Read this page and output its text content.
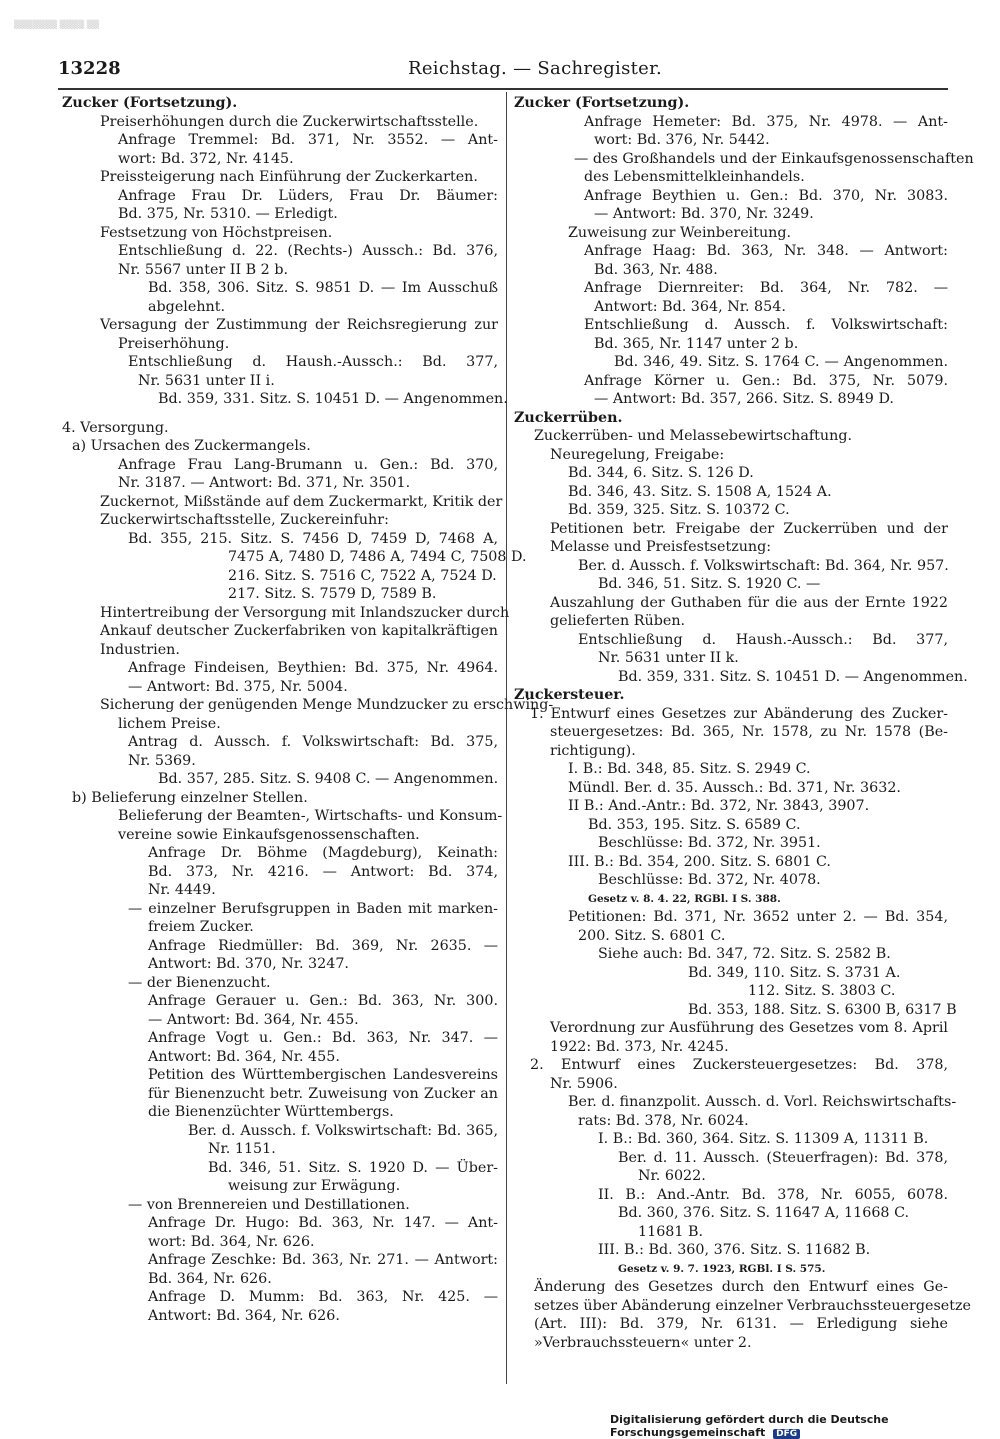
▒▒▒▒▒▒▒ ▒▒▒▒ ▒▒
13228	Reichstag. — Sachregister.
Zucker (Fortsetzung).
Preiserhöhungen durch die Zuckerwirtschaftsstelle.
Anfrage Tremmel: Bd. 371, Nr. 3552. — Ant-
wort: Bd. 372, Nr. 4145.
Preissteigerung nach Einführung der Zuckerkarten.
Anfrage Frau Dr. Lüders, Frau Dr. Bäumer:
Bd. 375, Nr. 5310. — Erledigt.
Festsetzung von Höchstpreisen.
Entschließung d. 22. (Rechts-) Aussch.: Bd. 376,
Nr. 5567 unter II B 2 b.
Bd. 358, 306. Sitz. S. 9851 D. — Im Ausschuß
abgelehnt.
Versagung der Zustimmung der Reichsregierung zur
Preiserhöhung.
Entschließung d. Haush.-Aussch.: Bd. 377,
Nr. 5631 unter II i.
Bd. 359, 331. Sitz. S. 10451 D. — Angenommen.
4. Versorgung.
a) Ursachen des Zuckermangels.
Anfrage Frau Lang-Brumann u. Gen.: Bd. 370,
Nr. 3187. — Antwort: Bd. 371, Nr. 3501.
Zuckernot, Mißstände auf dem Zuckermarkt, Kritik der
Zuckerwirtschaftsstelle, Zuckereinfuhr:
Bd. 355, 215. Sitz. S. 7456 D, 7459 D, 7468 A,
7475 A, 7480 D, 7486 A, 7494 C, 7508 D.
216. Sitz. S. 7516 C, 7522 A, 7524 D.
217. Sitz. S. 7579 D, 7589 B.
Hintertreibung der Versorgung mit Inlandszucker durch
Ankauf deutscher Zuckerfabriken von kapitalkräftigen
Industrien.
Anfrage Findeisen, Beythien: Bd. 375, Nr. 4964.
— Antwort: Bd. 375, Nr. 5004.
Sicherung der genügenden Menge Mundzucker zu erschwing-
lichem Preise.
Antrag d. Aussch. f. Volkswirtschaft: Bd. 375,
Nr. 5369.
Bd. 357, 285. Sitz. S. 9408 C. — Angenommen.
b) Belieferung einzelner Stellen.
Belieferung der Beamten-, Wirtschafts- und Konsum-
vereine sowie Einkaufsgenossenschaften.
Anfrage Dr. Böhme (Magdeburg), Keinath:
Bd. 373, Nr. 4216. — Antwort: Bd. 374,
Nr. 4449.
— einzelner Berufsgruppen in Baden mit marken-
freiem Zucker.
Anfrage Riedmüller: Bd. 369, Nr. 2635. —
Antwort: Bd. 370, Nr. 3247.
— der Bienenzucht.
Anfrage Gerauer u. Gen.: Bd. 363, Nr. 300.
— Antwort: Bd. 364, Nr. 455.
Anfrage Vogt u. Gen.: Bd. 363, Nr. 347. —
Antwort: Bd. 364, Nr. 455.
Petition des Württembergischen Landesvereins
für Bienenzucht betr. Zuweisung von Zucker an
die Bienenzüchter Württembergs.
Ber. d. Aussch. f. Volkswirtschaft: Bd. 365,
Nr. 1151.
Bd. 346, 51. Sitz. S. 1920 D. — Über-
weisung zur Erwägung.
— von Brennereien und Destillationen.
Anfrage Dr. Hugo: Bd. 363, Nr. 147. — Ant-
wort: Bd. 364, Nr. 626.
Anfrage Zeschke: Bd. 363, Nr. 271. — Antwort:
Bd. 364, Nr. 626.
Anfrage D. Mumm: Bd. 363, Nr. 425. —
Antwort: Bd. 364, Nr. 626.
Zucker (Fortsetzung).
Anfrage Hemeter: Bd. 375, Nr. 4978. — Ant-
wort: Bd. 376, Nr. 5442.
— des Großhandels und der Einkaufsgenossenschaften
des Lebensmittelkleinhandels.
Anfrage Beythien u. Gen.: Bd. 370, Nr. 3083.
— Antwort: Bd. 370, Nr. 3249.
Zuweisung zur Weinbereitung.
Anfrage Haag: Bd. 363, Nr. 348. — Antwort:
Bd. 363, Nr. 488.
Anfrage Diernreiter: Bd. 364, Nr. 782. —
Antwort: Bd. 364, Nr. 854.
Entschließung d. Aussch. f. Volkswirtschaft:
Bd. 365, Nr. 1147 unter 2 b.
Bd. 346, 49. Sitz. S. 1764 C. — Angenommen.
Anfrage Körner u. Gen.: Bd. 375, Nr. 5079.
— Antwort: Bd. 357, 266. Sitz. S. 8949 D.
Zuckerrüben.
Zuckerrüben- und Melassebewirtschaftung.
Neuregelung, Freigabe:
Bd. 344, 6. Sitz. S. 126 D.
Bd. 346, 43. Sitz. S. 1508 A, 1524 A.
Bd. 359, 325. Sitz. S. 10372 C.
Petitionen betr. Freigabe der Zuckerrüben und der
Melasse und Preisfestsetzung:
Ber. d. Aussch. f. Volkswirtschaft: Bd. 364, Nr. 957.
Bd. 346, 51. Sitz. S. 1920 C. —
Auszahlung der Guthaben für die aus der Ernte 1922
gelieferten Rüben.
Entschließung d. Haush.-Aussch.: Bd. 377,
Nr. 5631 unter II k.
Bd. 359, 331. Sitz. S. 10451 D. — Angenommen.
Zuckersteuer.
1. Entwurf eines Gesetzes zur Abänderung des Zucker-
steuergesetzes: Bd. 365, Nr. 1578, zu Nr. 1578 (Be-
richtigung).
I. B.: Bd. 348, 85. Sitz. S. 2949 C.
Mündl. Ber. d. 35. Aussch.: Bd. 371, Nr. 3632.
II B.: And.-Antr.: Bd. 372, Nr. 3843, 3907.
Bd. 353, 195. Sitz. S. 6589 C.
Beschlüsse: Bd. 372, Nr. 3951.
III. B.: Bd. 354, 200. Sitz. S. 6801 C.
Beschlüsse: Bd. 372, Nr. 4078.
Gesetz v. 8. 4. 22, RGBl. I S. 388.
Petitionen: Bd. 371, Nr. 3652 unter 2. — Bd. 354,
200. Sitz. S. 6801 C.
Siehe auch: Bd. 347, 72. Sitz. S. 2582 B.
Bd. 349, 110. Sitz. S. 3731 A.
112. Sitz. S. 3803 C.
Bd. 353, 188. Sitz. S. 6300 B, 6317 B
Verordnung zur Ausführung des Gesetzes vom 8. April
1922: Bd. 373, Nr. 4245.
2. Entwurf eines Zuckersteuergesetzes: Bd. 378,
Nr. 5906.
Ber. d. finanzpolit. Aussch. d. Vorl. Reichswirtschafts-
rats: Bd. 378, Nr. 6024.
I. B.: Bd. 360, 364. Sitz. S. 11309 A, 11311 B.
Ber. d. 11. Aussch. (Steuerfragen): Bd. 378,
Nr. 6022.
II. B.: And.-Antr. Bd. 378, Nr. 6055, 6078.
Bd. 360, 376. Sitz. S. 11647 A, 11668 C.
11681 B.
III. B.: Bd. 360, 376. Sitz. S. 11682 B.
Gesetz v. 9. 7. 1923, RGBl. I S. 575.
Änderung des Gesetzes durch den Entwurf eines Ge-
setzes über Abänderung einzelner Verbrauchssteuergesetze
(Art. III): Bd. 379, Nr. 6131. — Erledigung siehe
»Verbrauchssteuern« unter 2.
Digitalisierung gefördert durch die Deutsche Forschungsgemeinschaft DFG
